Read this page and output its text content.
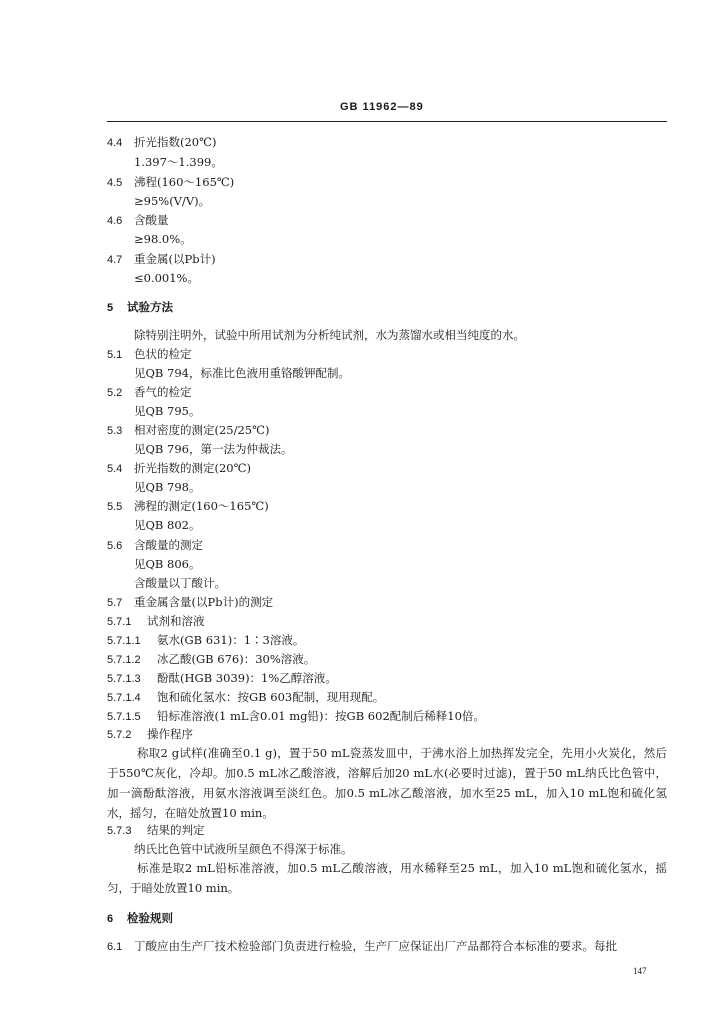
GB 11962—89
4.4 折光指数(20℃)
1.397～1.399。
4.5 沸程(160～165℃)
≥95%(V/V)。
4.6 含酸量
≥98.0%。
4.7 重金属(以Pb计)
≤0.001%。
5 试验方法
除特别注明外，试验中所用试剂为分析纯试剂，水为蒸馏水或相当纯度的水。
5.1 色状的检定
见QB 794，标准比色液用重铬酸钾配制。
5.2 香气的检定
见QB 795。
5.3 相对密度的测定(25/25℃)
见QB 796，第一法为仲裁法。
5.4 折光指数的测定(20℃)
见QB 798。
5.5 沸程的测定(160～165℃)
见QB 802。
5.6 含酸量的测定
见QB 806。
含酸量以丁酸计。
5.7 重金属含量(以Pb计)的测定
5.7.1 试剂和溶液
5.7.1.1 氨水(GB 631)：1∶3溶液。
5.7.1.2 冰乙酸(GB 676)：30%溶液。
5.7.1.3 酚酞(HGB 3039)：1%乙醇溶液。
5.7.1.4 饱和硫化氢水：按GB 603配制，现用现配。
5.7.1.5 铅标准溶液(1 mL含0.01 mg铅)：按GB 602配制后稀释10倍。
5.7.2 操作程序
称取2 g试样(准确至0.1 g)，置于50 mL瓷蒸发皿中，于沸水浴上加热挥发完全，先用小火炭化，然后于550℃灰化，冷却。加0.5 mL冰乙酸溶液，溶解后加20 mL水(必要时过滤)，置于50 mL纳氏比色管中，加一滴酚酞溶液，用氨水溶液调至淡红色。加0.5 mL冰乙酸溶液，加水至25 mL，加入10 mL饱和硫化氢水，摇匀，在暗处放置10 min。
5.7.3 结果的判定
纳氏比色管中试液所呈颜色不得深于标准。
标准是取2 mL铅标准溶液，加0.5 mL乙酸溶液，用水稀释至25 mL，加入10 mL饱和硫化氢水，摇匀，于暗处放置10 min。
6 检验规则
6.1 丁酸应由生产厂技术检验部门负责进行检验，生产厂应保证出厂产品都符合本标准的要求。每批
147
